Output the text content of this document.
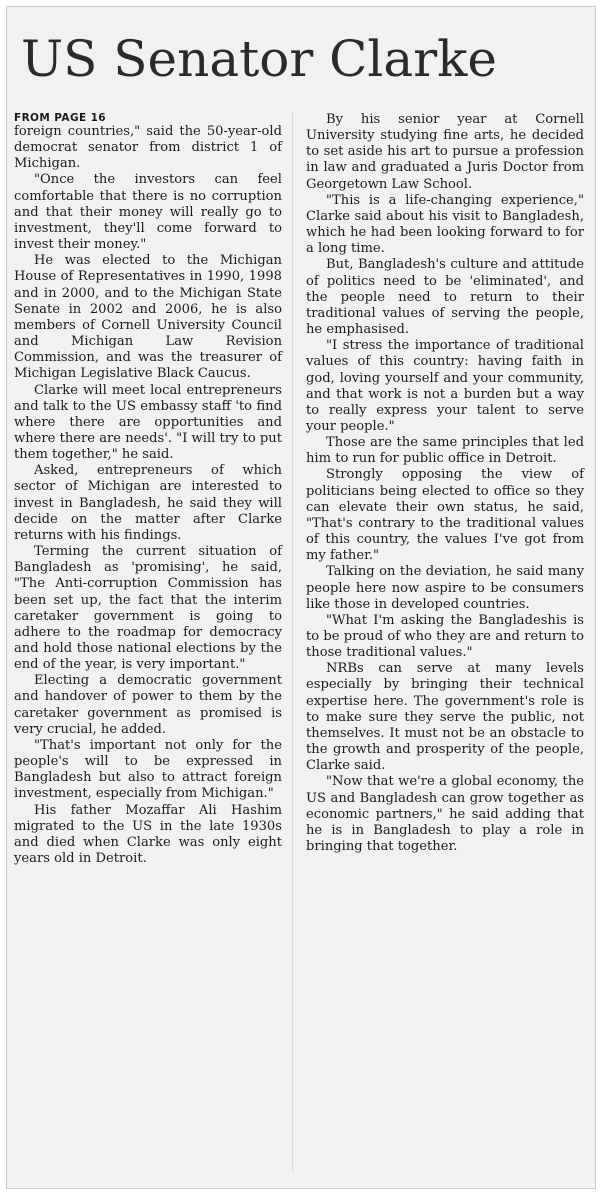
US Senator Clarke
FROM PAGE 16

foreign countries," said the 50-year-old democrat senator from district 1 of Michigan.

"Once the investors can feel comfortable that there is no corruption and that their money will really go to investment, they'll come forward to invest their money."

He was elected to the Michigan House of Representatives in 1990, 1998 and in 2000, and to the Michigan State Senate in 2002 and 2006, he is also members of Cornell University Council and Michigan Law Revision Commission, and was the treasurer of Michigan Legislative Black Caucus.

Clarke will meet local entrepreneurs and talk to the US embassy staff 'to find where there are opportunities and where there are needs'. "I will try to put them together," he said.

Asked, entrepreneurs of which sector of Michigan are interested to invest in Bangladesh, he said they will decide on the matter after Clarke returns with his findings.

Terming the current situation of Bangladesh as 'promising', he said, "The Anti-corruption Commission has been set up, the fact that the interim caretaker government is going to adhere to the roadmap for democracy and hold those national elections by the end of the year, is very important."

Electing a democratic government and handover of power to them by the caretaker government as promised is very crucial, he added.

"That's important not only for the people's will to be expressed in Bangladesh but also to attract foreign investment, especially from Michigan."

His father Mozaffar Ali Hashim migrated to the US in the late 1930s and died when Clarke was only eight years old in Detroit.

By his senior year at Cornell University studying fine arts, he decided to set aside his art to pursue a profession in law and graduated a Juris Doctor from Georgetown Law School.

"This is a life-changing experience," Clarke said about his visit to Bangladesh, which he had been looking forward to for a long time.

But, Bangladesh's culture and attitude of politics need to be 'eliminated', and the people need to return to their traditional values of serving the people, he emphasised.

"I stress the importance of traditional values of this country: having faith in god, loving yourself and your community, and that work is not a burden but a way to really express your talent to serve your people."

Those are the same principles that led him to run for public office in Detroit.

Strongly opposing the view of politicians being elected to office so they can elevate their own status, he said, "That's contrary to the traditional values of this country, the values I've got from my father."

Talking on the deviation, he said many people here now aspire to be consumers like those in developed countries.

"What I'm asking the Bangladeshis is to be proud of who they are and return to those traditional values."

NRBs can serve at many levels especially by bringing their technical expertise here. The government's role is to make sure they serve the public, not themselves. It must not be an obstacle to the growth and prosperity of the people, Clarke said.

"Now that we're a global economy, the US and Bangladesh can grow together as economic partners," he said adding that he is in Bangladesh to play a role in bringing that together.
